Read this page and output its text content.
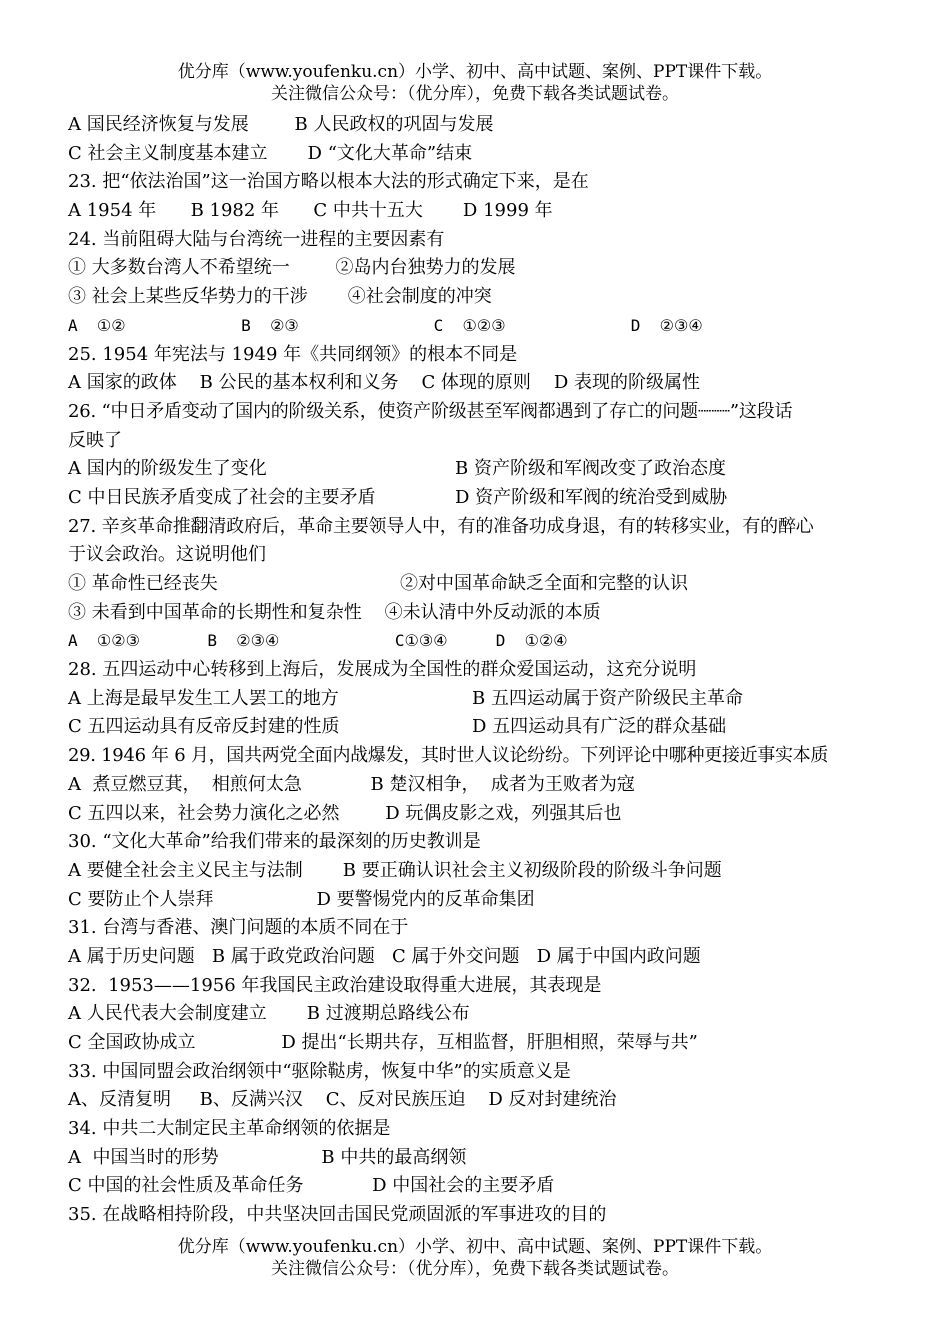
优分库（www.youfenku.cn）小学、初中、高中试题、案例、PPT课件下载。
关注微信公众号：（优分库），免费下载各类试题试卷。
A 国民经济恢复与发展        B 人民政权的巩固与发展
C 社会主义制度基本建立       D “文化大革命”结束
23. 把“依法治国”这一治国方略以根本大法的形式确定下来，是在
A 1954 年      B 1982 年      C 中共十五大       D 1999 年
24. 当前阻碍大陆与台湾统一进程的主要因素有
① 大多数台湾人不希望统一        ②岛内台独势力的发展
③ 社会上某些反华势力的干涉       ④社会制度的冲突
A  ①②            B  ②③              C  ①②③             D  ②③④
25. 1954 年宪法与 1949 年《共同纲领》的根本不同是
A 国家的政体    B 公民的基本权利和义务    C 体现的原则    D 表现的阶级属性
26. “中日矛盾变动了国内的阶级关系，使资产阶级甚至军阀都遇到了存亡的问题┈┈┈”这段话
反映了
A 国内的阶级发生了变化	B 资产阶级和军阀改变了政治态度
C 中日民族矛盾变成了社会的主要矛盾	D 资产阶级和军阀的统治受到威胁
27. 辛亥革命推翻清政府后，革命主要领导人中，有的准备功成身退，有的转移实业，有的醉心
于议会政治。这说明他们
① 革命性已经丧失	②对中国革命缺乏全面和完整的认识
③ 未看到中国革命的长期性和复杂性    ④未认清中外反动派的本质
A  ①②③       B  ②③④            C①③④     D  ①②④
28. 五四运动中心转移到上海后，发展成为全国性的群众爱国运动，这充分说明
A 上海是最早发生工人罢工的地方	B 五四运动属于资产阶级民主革命
C 五四运动具有反帝反封建的性质	D 五四运动具有广泛的群众基础
29. 1946 年 6 月，国共两党全面内战爆发，其时世人议论纷纷。下列评论中哪种更接近事实本质
A  煮豆燃豆萁，  相煎何太急            B 楚汉相争，  成者为王败者为寇
C 五四以来，社会势力演化之必然        D 玩偶皮影之戏，列强其后也
30. “文化大革命”给我们带来的最深刻的历史教训是
A 要健全社会主义民主与法制       B 要正确认识社会主义初级阶段的阶级斗争问题
C 要防止个人崇拜                  D 要警惕党内的反革命集团
31. 台湾与香港、澳门问题的本质不同在于
A 属于历史问题   B 属于政党政治问题   C 属于外交问题   D 属于中国内政问题
32.  1953——1956 年我国民主政治建设取得重大进展，其表现是
A 人民代表大会制度建立       B 过渡期总路线公布
C 全国政协成立               D 提出“长期共存，互相监督，肝胆相照，荣辱与共”
33. 中国同盟会政治纲领中“驱除鞑虏，恢复中华”的实质意义是
A、反清复明     B、反满兴汉    C、反对民族压迫    D 反对封建统治
34. 中共二大制定民主革命纲领的依据是
A  中国当时的形势                  B 中共的最高纲领
C 中国的社会性质及革命任务            D 中国社会的主要矛盾
35. 在战略相持阶段，中共坚决回击国民党顽固派的军事进攻的目的
优分库（www.youfenku.cn）小学、初中、高中试题、案例、PPT课件下载。
关注微信公众号：（优分库），免费下载各类试题试卷。
